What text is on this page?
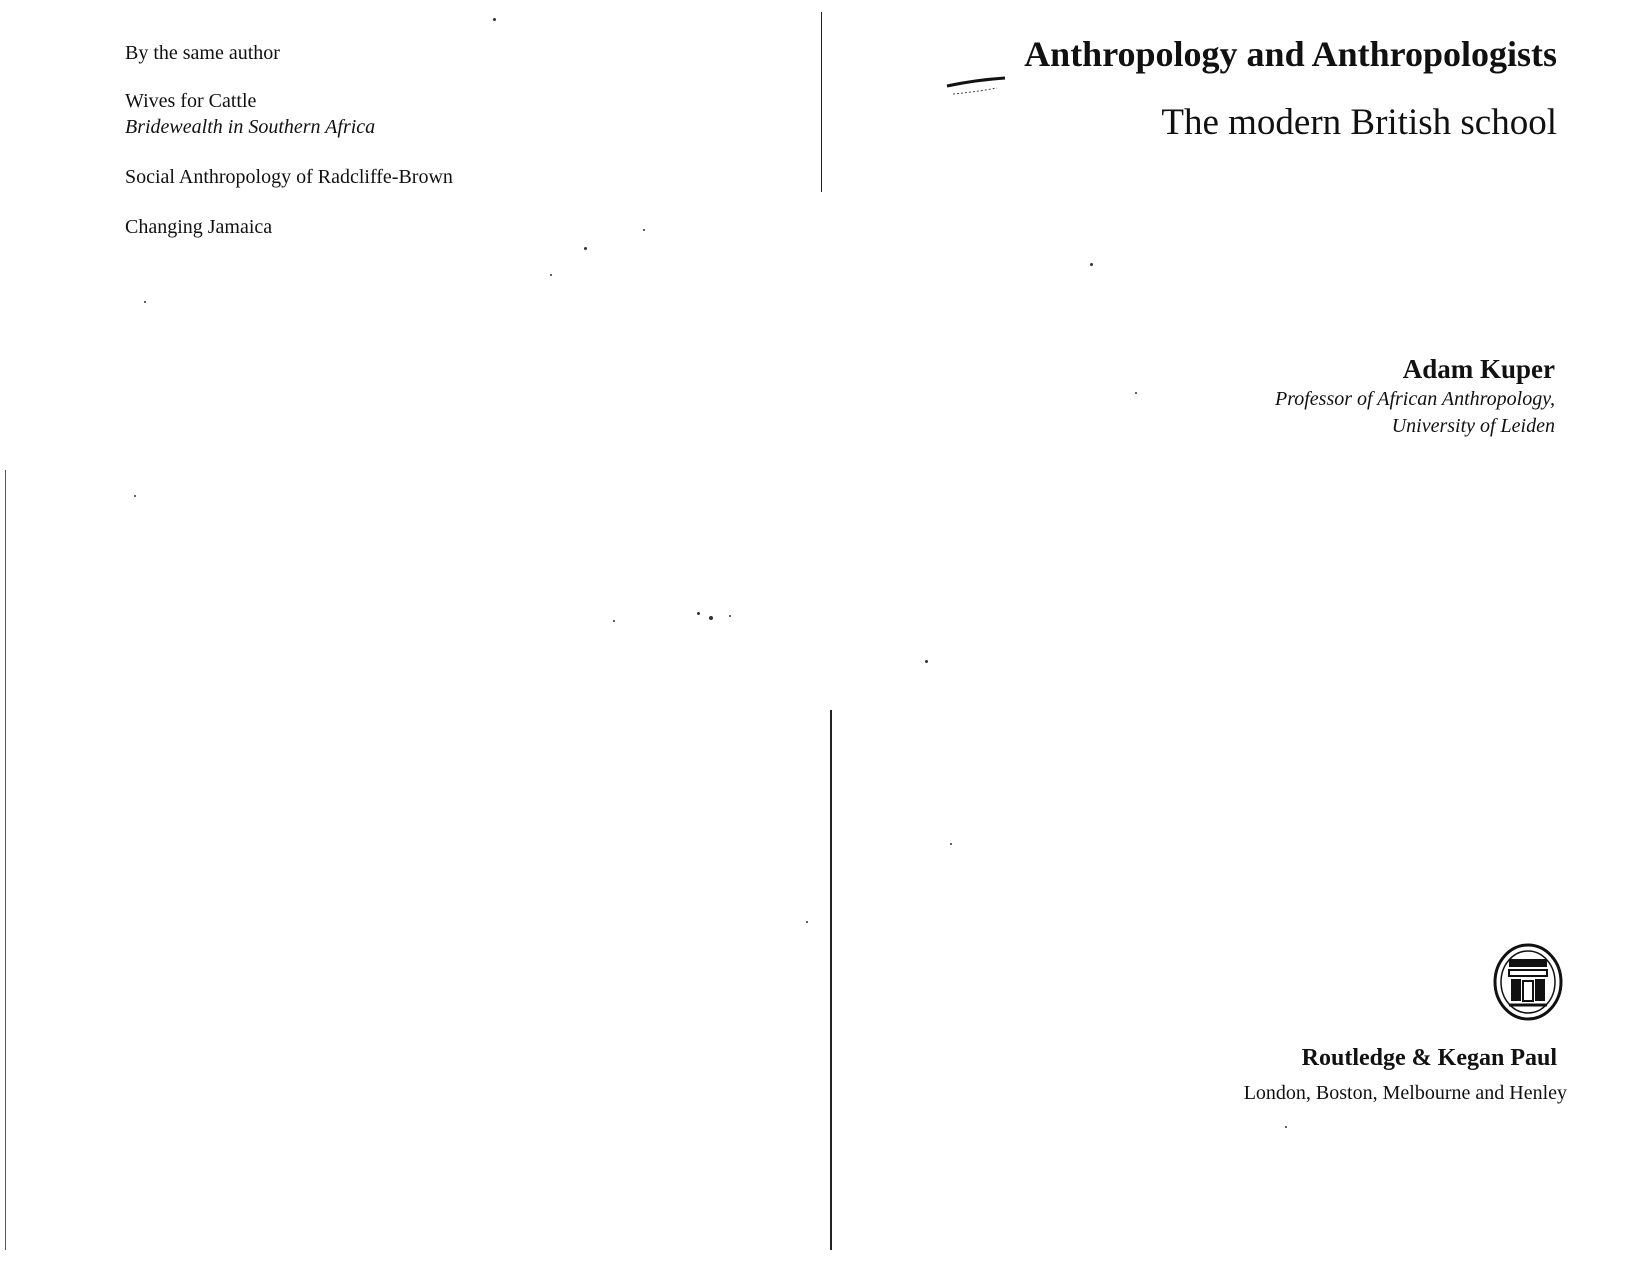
By the same author
Wives for Cattle
Bridewealth in Southern Africa
Social Anthropology of Radcliffe-Brown
Changing Jamaica
Anthropology and Anthropologists
The modern British school
Adam Kuper
Professor of African Anthropology,
University of Leiden
Routledge & Kegan Paul
London, Boston, Melbourne and Henley
